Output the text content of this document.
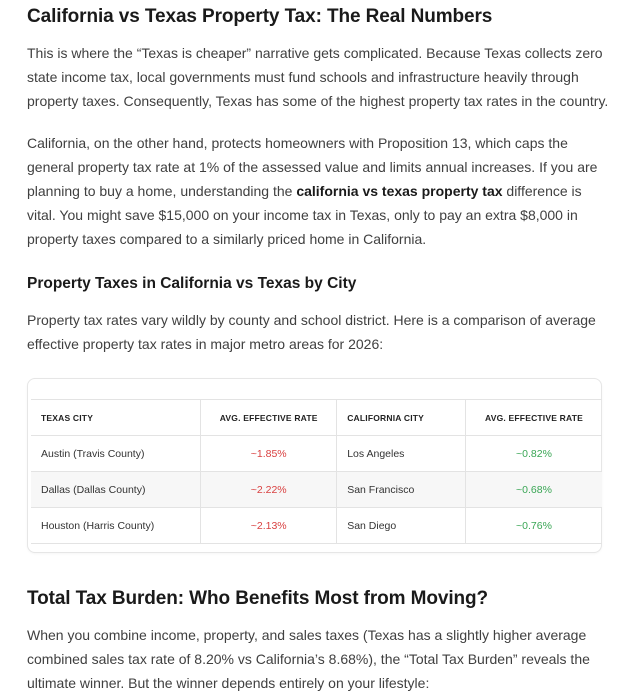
California vs Texas Property Tax: The Real Numbers

This is where the “Texas is cheaper” narrative gets complicated. Because Texas collects zero state income tax, local governments must fund schools and infrastructure heavily through property taxes. Consequently, Texas has some of the highest property tax rates in the country.

California, on the other hand, protects homeowners with Proposition 13, which caps the general property tax rate at 1% of the assessed value and limits annual increases. If you are planning to buy a home, understanding the california vs texas property tax difference is vital. You might save $15,000 on your income tax in Texas, only to pay an extra $8,000 in property taxes compared to a similarly priced home in California.

Property Taxes in California vs Texas by City

Property tax rates vary wildly by county and school district. Here is a comparison of average effective property tax rates in major metro areas for 2026:

TEXAS CITY	AVG. EFFECTIVE RATE	CALIFORNIA CITY	AVG. EFFECTIVE RATE
Austin (Travis County)	~1.85%	Los Angeles	~0.82%
Dallas (Dallas County)	~2.22%	San Francisco	~0.68%
Houston (Harris County)	~2.13%	San Diego	~0.76%
Total Tax Burden: Who Benefits Most from Moving?

When you combine income, property, and sales taxes (Texas has a slightly higher average combined sales tax rate of 8.20% vs California’s 8.68%), the “Total Tax Burden” reveals the ultimate winner. But the winner depends entirely on your lifestyle:
